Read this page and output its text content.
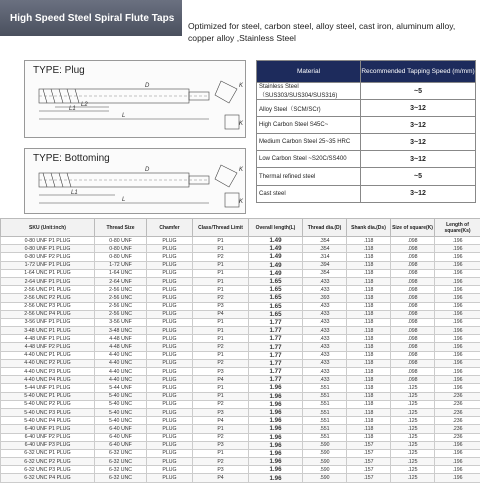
High Speed Steel Spiral Flute Taps
Optimized for steel, carbon steel, alloy steel, cast iron, aluminum alloy, copper alloy ,Stainless Steel
TYPE: Plug
L
L1
L2
D	K
K
TYPE: Bottoming
L
L1
D	K
K
Material	Recommended Tapping Speed (m/mm)
Stainless Steel（SUS303/SUS304/SUS316)	~5
Alloy Steel（SCM/SCr)	3~12
High Carbon Steel S45C~	3~12
Medium Carbon Steel 25~35 HRC	3~12
Low Carbon Steel ~S20C/SS400	3~12
Thermal refined steel	~5
Cast steel	3~12
SKU (Unit:inch)	Thread Size	Chamfer	Class/Thread Limit	Overall length(L)	Thread dia.(D)	Shank dia.(Ds)	Size of square(K)	Length of square(Ks)
0-80 UNF P1 PLUG	0-80 UNF	PLUG	P1	1.49	.354	.118	.098	.196
0-80 UNF P1 PLUG	0-80 UNF	PLUG	P1	1.49	.354	.118	.098	.196
0-80 UNF P2 PLUG	0-80 UNF	PLUG	P2	1.49	.314	.118	.098	.196
1-72 UNF P1 PLUG	1-72 UNF	PLUG	P1	1.49	.394	.118	.098	.196
1-64 UNC P1 PLUG	1-64 UNC	PLUG	P1	1.49	.354	.118	.098	.196
2-64 UNF P1 PLUG	2-64 UNF	PLUG	P1	1.65	.433	.118	.098	.196
2-56 UNC P1 PLUG	2-56 UNC	PLUG	P1	1.65	.433	.118	.098	.196
2-56 UNC P2 PLUG	2-56 UNC	PLUG	P2	1.65	.393	.118	.098	.196
2-56 UNC P3 PLUG	2-56 UNC	PLUG	P3	1.65	.433	.118	.098	.196
2-56 UNC P4 PLUG	2-56 UNC	PLUG	P4	1.65	.433	.118	.098	.196
3-56 UNF P1 PLUG	3-56 UNF	PLUG	P1	1.77	.433	.118	.098	.196
3-48 UNC P1 PLUG	3-48 UNC	PLUG	P1	1.77	.433	.118	.098	.196
4-48 UNF P1 PLUG	4-48 UNF	PLUG	P1	1.77	.433	.118	.098	.196
4-48 UNF P2 PLUG	4-48 UNF	PLUG	P2	1.77	.433	.118	.098	.196
4-40 UNC P1 PLUG	4-40 UNC	PLUG	P1	1.77	.433	.118	.098	.196
4-40 UNC P2 PLUG	4-40 UNC	PLUG	P2	1.77	.433	.118	.098	.196
4-40 UNC P3 PLUG	4-40 UNC	PLUG	P3	1.77	.433	.118	.098	.196
4-40 UNC P4 PLUG	4-40 UNC	PLUG	P4	1.77	.433	.118	.098	.196
5-44 UNF P1 PLUG	5-44 UNF	PLUG	P1	1.96	.551	.118	.125	.196
5-40 UNC P1 PLUG	5-40 UNC	PLUG	P1	1.96	.551	.118	.125	.236
5-40 UNC P2 PLUG	5-40 UNC	PLUG	P2	1.96	.551	.118	.125	.236
5-40 UNC P3 PLUG	5-40 UNC	PLUG	P3	1.96	.551	.118	.125	.236
5-40 UNC P4 PLUG	5-40 UNC	PLUG	P4	1.96	.551	.118	.125	.236
6-40 UNF P1 PLUG	6-40 UNF	PLUG	P1	1.96	.551	.118	.125	.236
6-40 UNF P2 PLUG	6-40 UNF	PLUG	P2	1.96	.551	.118	.125	.236
6-40 UNF P3 PLUG	6-40 UNF	PLUG	P3	1.96	.590	.157	.125	.196
6-32 UNC P1 PLUG	6-32 UNC	PLUG	P1	1.96	.590	.157	.125	.196
6-32 UNC P2 PLUG	6-32 UNC	PLUG	P2	1.96	.590	.157	.125	.196
6-32 UNC P3 PLUG	6-32 UNC	PLUG	P3	1.96	.590	.157	.125	.196
6-32 UNC P4 PLUG	6-32 UNC	PLUG	P4	1.96	.590	.157	.125	.196
